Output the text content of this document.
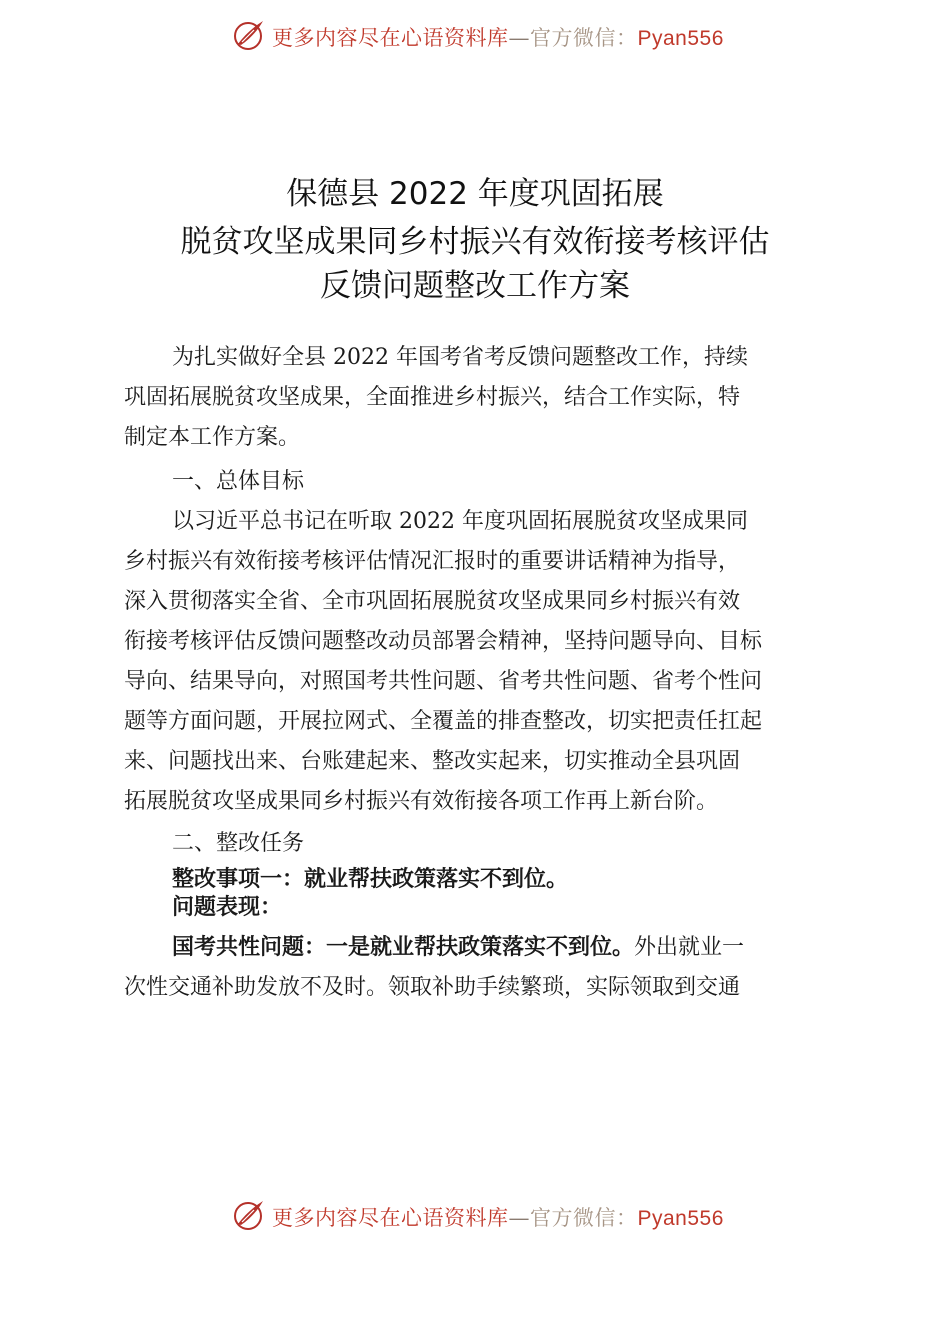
更多内容尽在心语资料库—官方微信：Pyan556
保德县 2022 年度巩固拓展
脱贫攻坚成果同乡村振兴有效衔接考核评估
反馈问题整改工作方案
为扎实做好全县 2022 年国考省考反馈问题整改工作，持续
巩固拓展脱贫攻坚成果，全面推进乡村振兴，结合工作实际，特
制定本工作方案。
一、总体目标
以习近平总书记在听取 2022 年度巩固拓展脱贫攻坚成果同
乡村振兴有效衔接考核评估情况汇报时的重要讲话精神为指导，
深入贯彻落实全省、全市巩固拓展脱贫攻坚成果同乡村振兴有效
衔接考核评估反馈问题整改动员部署会精神，坚持问题导向、目标
导向、结果导向，对照国考共性问题、省考共性问题、省考个性问
题等方面问题，开展拉网式、全覆盖的排查整改，切实把责任扛起
来、问题找出来、台账建起来、整改实起来，切实推动全县巩固
拓展脱贫攻坚成果同乡村振兴有效衔接各项工作再上新台阶。
二、整改任务
整改事项一：就业帮扶政策落实不到位。
问题表现：
国考共性问题：一是就业帮扶政策落实不到位。外出就业一
次性交通补助发放不及时。领取补助手续繁琐，实际领取到交通
更多内容尽在心语资料库—官方微信：Pyan556
